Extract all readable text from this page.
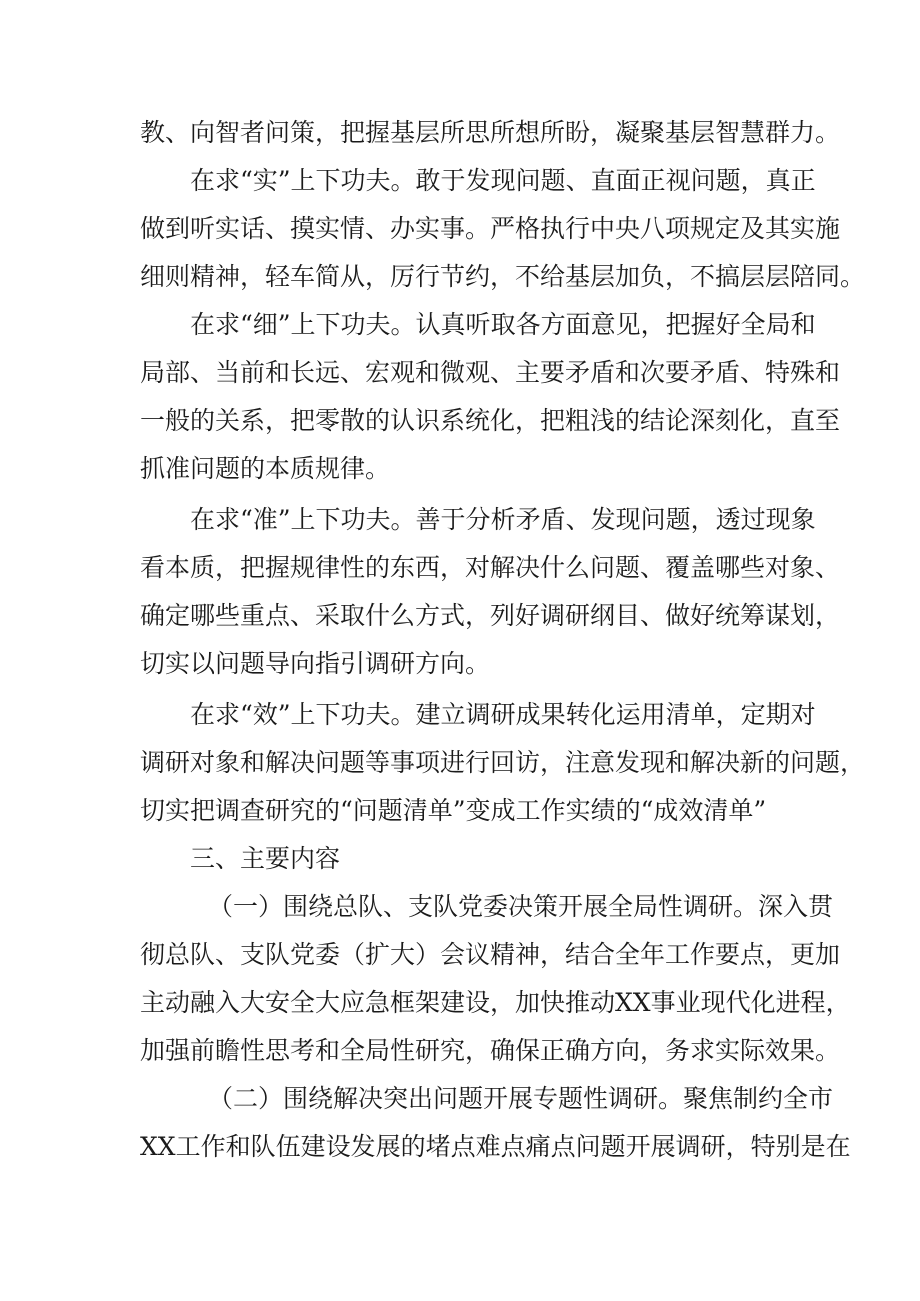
教、向智者问策，把握基层所思所想所盼，凝聚基层智慧群力。
在求“实”上下功夫。敢于发现问题、直面正视问题，真正
做到听实话、摸实情、办实事。严格执行中央八项规定及其实施
细则精神，轻车简从，厉行节约，不给基层加负，不搞层层陪同。
在求“细”上下功夫。认真听取各方面意见，把握好全局和
局部、当前和长远、宏观和微观、主要矛盾和次要矛盾、特殊和
一般的关系，把零散的认识系统化，把粗浅的结论深刻化，直至
抓准问题的本质规律。
在求“准”上下功夫。善于分析矛盾、发现问题，透过现象
看本质，把握规律性的东西，对解决什么问题、覆盖哪些对象、
确定哪些重点、采取什么方式，列好调研纲目、做好统筹谋划，
切实以问题导向指引调研方向。
在求“效”上下功夫。建立调研成果转化运用清单，定期对
调研对象和解决问题等事项进行回访，注意发现和解决新的问题，
切实把调查研究的“问题清单”变成工作实绩的“成效清单”
三、主要内容
（一）围绕总队、支队党委决策开展全局性调研。深入贯
彻总队、支队党委（扩大）会议精神，结合全年工作要点，更加
主动融入大安全大应急框架建设，加快推动XX事业现代化进程，
加强前瞻性思考和全局性研究，确保正确方向，务求实际效果。
（二）围绕解决突出问题开展专题性调研。聚焦制约全市
XX工作和队伍建设发展的堵点难点痛点问题开展调研，特别是在
